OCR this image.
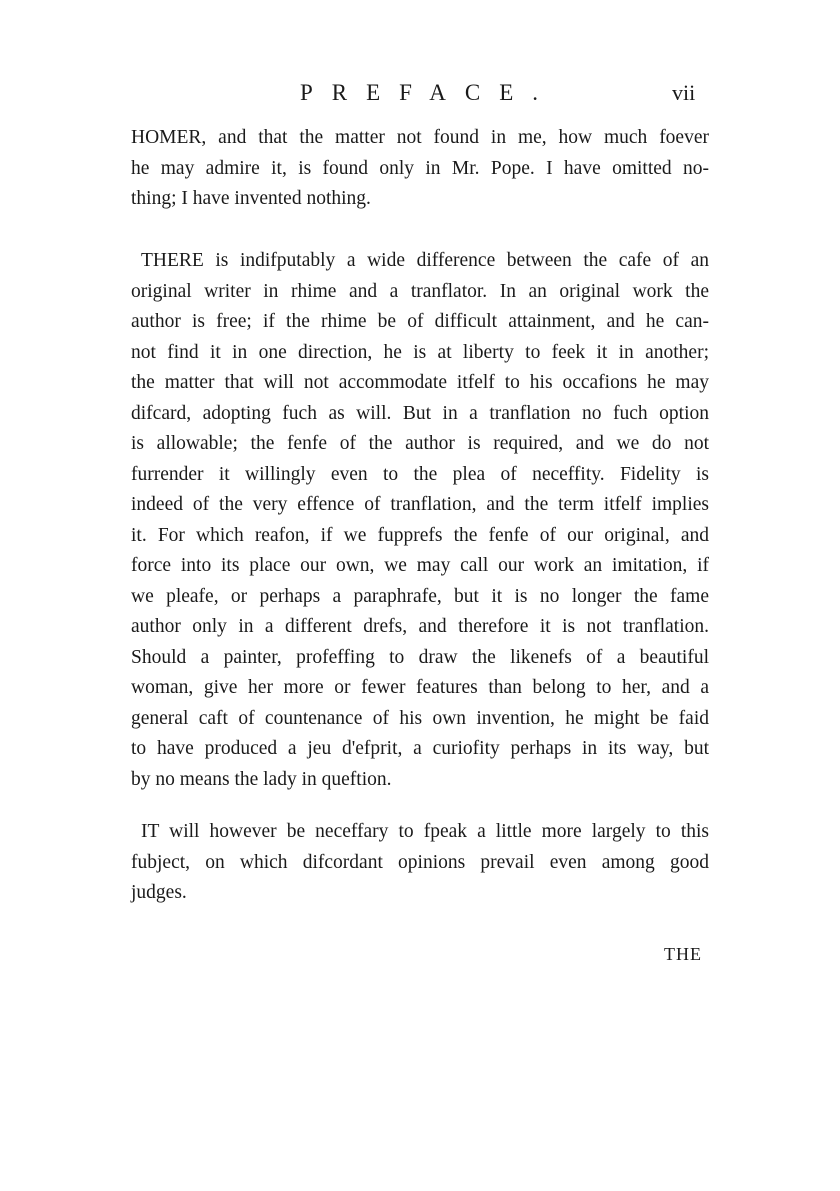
PREFACE.	vii
HOMER, and that the matter not found in me, how much foever
he may admire it, is found only in Mr. Pope. I have omitted no-
thing; I have invented nothing.
THERE is indifputably a wide difference between the cafe of an
original writer in rhime and a tranflator. In an original work the
author is free; if the rhime be of difficult attainment, and he can-
not find it in one direction, he is at liberty to feek it in another;
the matter that will not accommodate itfelf to his occafions he may
difcard, adopting fuch as will. But in a tranflation no fuch option
is allowable; the fenfe of the author is required, and we do not
furrender it willingly even to the plea of neceffity. Fidelity is
indeed of the very effence of tranflation, and the term itfelf implies
it. For which reafon, if we fupprefs the fenfe of our original, and
force into its place our own, we may call our work an imitation, if
we pleafe, or perhaps a paraphrafe, but it is no longer the fame
author only in a different drefs, and therefore it is not tranflation.
Should a painter, profeffing to draw the likenefs of a beautiful
woman, give her more or fewer features than belong to her, and a
general caft of countenance of his own invention, he might be faid
to have produced a jeu d'efprit, a curiofity perhaps in its way, but
by no means the lady in queftion.
IT will however be neceffary to fpeak a little more largely to this
fubject, on which difcordant opinions prevail even among good
judges.
THE
